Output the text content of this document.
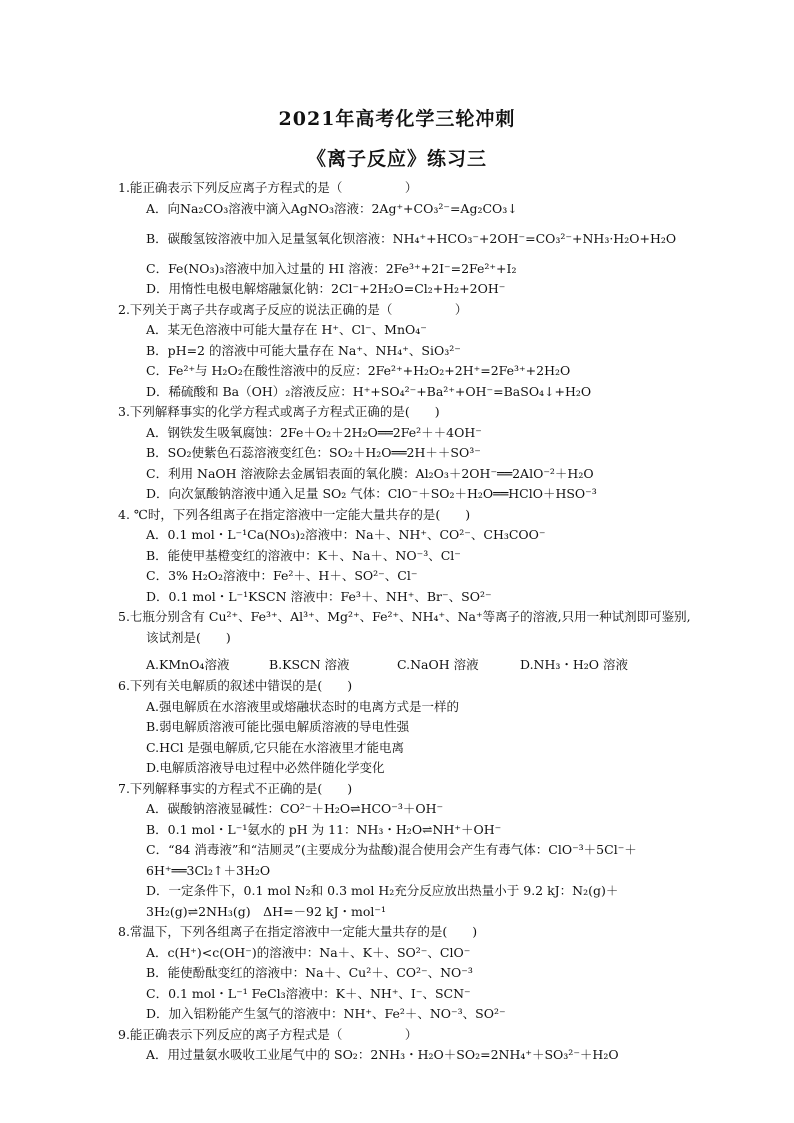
2021年高考化学三轮冲刺
《离子反应》练习三
1.能正确表示下列反应离子方程式的是（　　　　　）
A．向Na₂CO₃溶液中滴入AgNO₃溶液：2Ag⁺+CO₃²⁻=Ag₂CO₃↓
B．碳酸氢铵溶液中加入足量氢氧化钡溶液：NH₄⁺+HCO₃⁻+2OH⁻=CO₃²⁻+NH₃·H₂O+H₂O
C．Fe(NO₃)₃溶液中加入过量的 HI 溶液：2Fe³⁺+2I⁻=2Fe²⁺+I₂
D．用惰性电极电解熔融氯化钠：2Cl⁻+2H₂O=Cl₂+H₂+2OH⁻
2.下列关于离子共存或离子反应的说法正确的是（　　　　　）
A．某无色溶液中可能大量存在 H⁺、Cl⁻、MnO₄⁻
B．pH=2 的溶液中可能大量存在 Na⁺、NH₄⁺、SiO₃²⁻
C．Fe²⁺与 H₂O₂在酸性溶液中的反应：2Fe²⁺+H₂O₂+2H⁺=2Fe³⁺+2H₂O
D．稀硫酸和 Ba（OH）₂溶液反应：H⁺+SO₄²⁻+Ba²⁺+OH⁻=BaSO₄↓+H₂O
3.下列解释事实的化学方程式或离子方程式正确的是(　　)
A．钢铁发生吸氧腐蚀：2Fe＋O₂＋2H₂O══2Fe²＋＋4OH⁻
B．SO₂使紫色石蕊溶液变红色：SO₂＋H₂O══2H＋＋SO³⁻
C．利用 NaOH 溶液除去金属铝表面的氧化膜：Al₂O₃＋2OH⁻══2AlO⁻²＋H₂O
D．向次氯酸钠溶液中通入足量 SO₂ 气体：ClO⁻＋SO₂＋H₂O══HClO＋HSO⁻³
4. ℃时，下列各组离子在指定溶液中一定能大量共存的是(　　)
A．0.1 mol・L⁻¹Ca(NO₃)₂溶液中：Na＋、NH⁺、CO²⁻、CH₃COO⁻
B．能使甲基橙变红的溶液中：K＋、Na＋、NO⁻³、Cl⁻
C．3% H₂O₂溶液中：Fe²＋、H＋、SO²⁻、Cl⁻
D．0.1 mol・L⁻¹KSCN 溶液中：Fe³＋、NH⁺、Br⁻、SO²⁻
5.七瓶分别含有 Cu²⁺、Fe³⁺、Al³⁺、Mg²⁺、Fe²⁺、NH₄⁺、Na⁺等离子的溶液,只用一种试剂即可鉴别,
该试剂是(　　)
A.KMnO₄溶液	B.KSCN 溶液	C.NaOH 溶液	D.NH₃・H₂O 溶液
6.下列有关电解质的叙述中错误的是(　　)
A.强电解质在水溶液里或熔融状态时的电离方式是一样的
B.弱电解质溶液可能比强电解质溶液的导电性强
C.HCl 是强电解质,它只能在水溶液里才能电离
D.电解质溶液导电过程中必然伴随化学变化
7.下列解释事实的方程式不正确的是(　　)
A．碳酸钠溶液显碱性：CO²⁻＋H₂O⇌HCO⁻³＋OH⁻
B．0.1 mol・L⁻¹氨水的 pH 为 11：NH₃・H₂O⇌NH⁺＋OH⁻
C．“84 消毒液”和“洁厕灵”(主要成分为盐酸)混合使用会产生有毒气体：ClO⁻³＋5Cl⁻＋
6H⁺══3Cl₂↑＋3H₂O
D．一定条件下，0.1 mol N₂和 0.3 mol H₂充分反应放出热量小于 9.2 kJ：N₂(g)＋
3H₂(g)⇌2NH₃(g)　ΔH=－92 kJ・mol⁻¹
8.常温下，下列各组离子在指定溶液中一定能大量共存的是(　　)
A．c(H⁺)<c(OH⁻)的溶液中：Na＋、K＋、SO²⁻、ClO⁻
B．能使酚酞变红的溶液中：Na＋、Cu²＋、CO²⁻、NO⁻³
C．0.1 mol・L⁻¹ FeCl₃溶液中：K＋、NH⁺、I⁻、SCN⁻
D．加入铝粉能产生氢气的溶液中：NH⁺、Fe²＋、NO⁻³、SO²⁻
9.能正确表示下列反应的离子方程式是（　　　　　）
A．用过量氨水吸收工业尾气中的 SO₂：2NH₃・H₂O＋SO₂=2NH₄⁺＋SO₃²⁻＋H₂O
